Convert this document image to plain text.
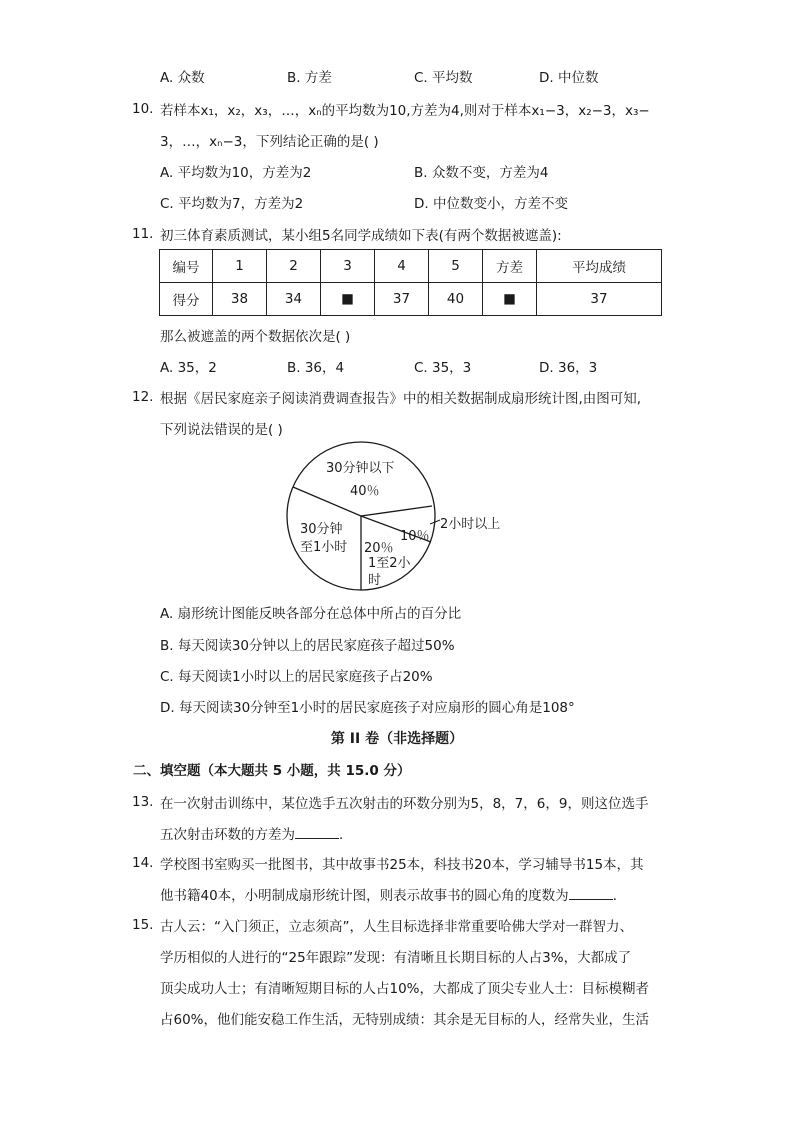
A. 众数	B. 方差	C. 平均数	D. 中位数
10. 若样本x₁，x₂，x₃，…，xₙ的平均数为10,方差为4,则对于样本x₁−3，x₂−3，x₃−
3，…，xₙ−3，下列结论正确的是( )
A. 平均数为10，方差为2	B. 众数不变，方差为4
C. 平均数为7，方差为2	D. 中位数变小，方差不变
11. 初三体育素质测试，某小组5名同学成绩如下表(有两个数据被遮盖):
编号	1	2	3	4	5	方差	平均成绩
得分	38	34	■	37	40	■	37
那么被遮盖的两个数据依次是( )
A. 35，2	B. 36，4	C. 35，3	D. 36，3
12. 根据《居民家庭亲子阅读消费调查报告》中的相关数据制成扇形统计图,由图可知,
下列说法错误的是( )
30分钟以下
40％
30分钟
至1小时 20％
1至2小
时
10％
2小时以上
A. 扇形统计图能反映各部分在总体中所占的百分比
B. 每天阅读30分钟以上的居民家庭孩子超过50%
C. 每天阅读1小时以上的居民家庭孩子占20%
D. 每天阅读30分钟至1小时的居民家庭孩子对应扇形的圆心角是108°
第 II 卷（非选择题）
二、填空题（本大题共 5 小题，共 15.0 分）
13. 在一次射击训练中，某位选手五次射击的环数分别为5，8，7，6，9，则这位选手
五次射击环数的方差为	．
14. 学校图书室购买一批图书，其中故事书25本，科技书20本，学习辅导书15本，其
他书籍40本，小明制成扇形统计图，则表示故事书的圆心角的度数为	．
15. 古人云：“入门须正，立志须高”，人生目标选择非常重要哈佛大学对一群智力、
学历相似的人进行的“25年跟踪”发现：有清晰且长期目标的人占3%，大都成了
顶尖成功人士；有清晰短期目标的人占10%，大都成了顶尖专业人士：目标模糊者
占60%，他们能安稳工作生活，无特别成绩：其余是无目标的人，经常失业，生活
